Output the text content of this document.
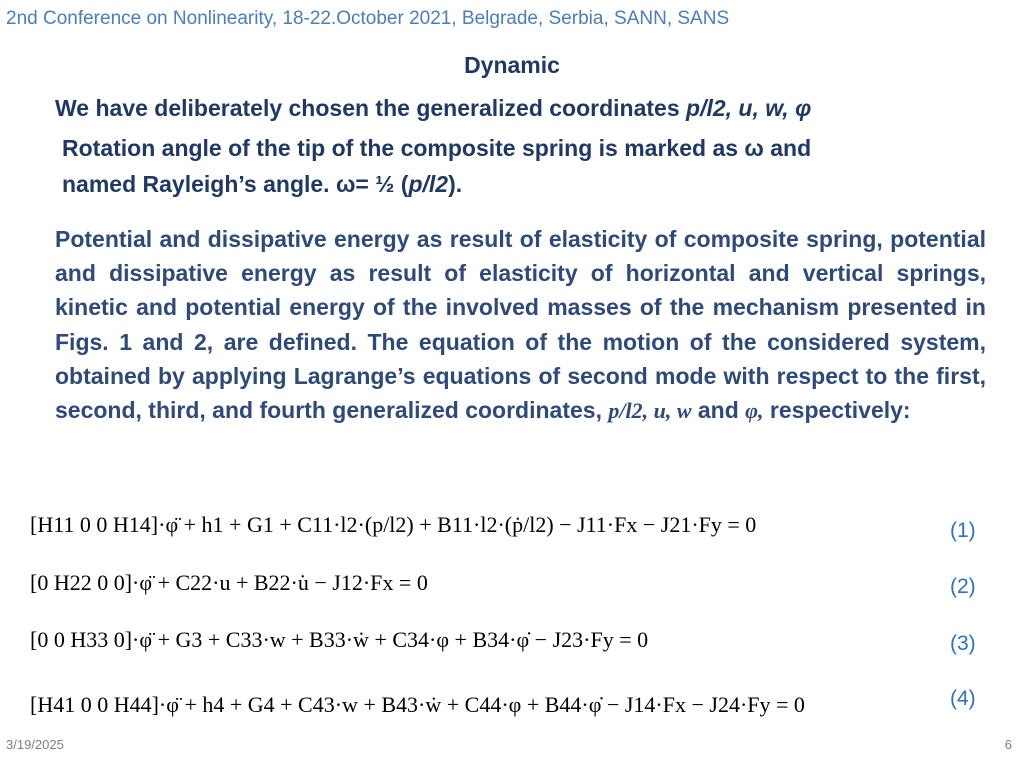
2nd Conference on Nonlinearity, 18-22.October 2021, Belgrade, Serbia, SANN, SANS
Dynamic
We have deliberately chosen the generalized coordinates p/l2, u, w, φ
Rotation angle of the tip of the composite spring is marked as ω and
named Rayleigh’s angle. ω= ½ (p/l2).
Potential and dissipative energy as result of elasticity of composite spring, potential and dissipative energy as result of elasticity of horizontal and vertical springs, kinetic and potential energy of the involved masses of the mechanism presented in Figs. 1 and 2, are defined. The equation of the motion of the considered system, obtained by applying Lagrange’s equations of second mode with respect to the first, second, third, and fourth generalized coordinates, p/l2, u, w and φ, respectively:
[H11 0 0 H14]·φ̈ + h1 + G1 + C11·l2·(p/l2) + B11·l2·(ṗ/l2) − J11·Fx − J21·Fy = 0	(1)
[0 H22 0 0]·φ̈ + C22·u + B22·u̇ − J12·Fx = 0	(2)
[0 0 H33 0]·φ̈ + G3 + C33·w + B33·ẇ + C34·φ + B34·φ̇ − J23·Fy = 0	(3)
[H41 0 0 H44]·φ̈ + h4 + G4 + C43·w + B43·ẇ + C44·φ + B44·φ̇ − J14·Fx − J24·Fy = 0	(4)
3/19/2025	6
